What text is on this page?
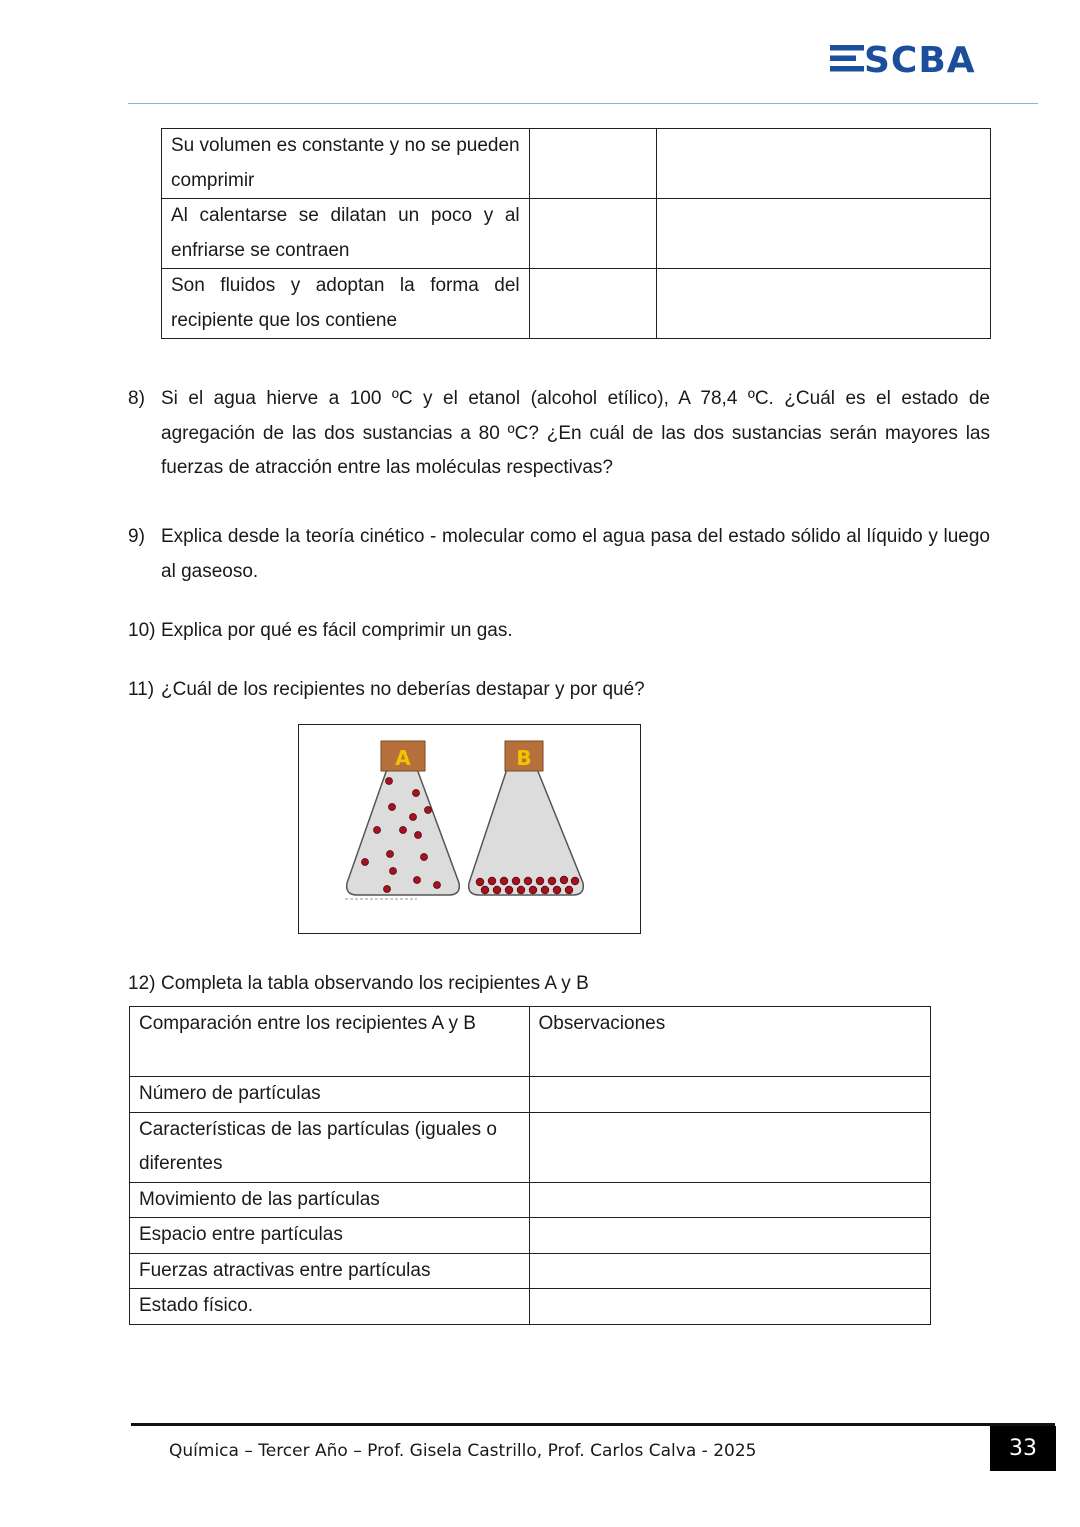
SCBA
Su volumen es constante y no se pueden comprimir		
Al calentarse se dilatan un poco y al enfriarse se contraen		
Son fluidos y adoptan la forma del recipiente que los contiene		
8) Si el agua hierve a 100 ºC y el etanol (alcohol etílico), A 78,4 ºC. ¿Cuál es el estado de agregación de las dos sustancias a 80 ºC? ¿En cuál de las dos sustancias serán mayores las fuerzas de atracción entre las moléculas respectivas?
9) Explica desde la teoría cinético - molecular como el agua pasa del estado sólido al líquido y luego al gaseoso.
10) Explica por qué es fácil comprimir un gas.
11) ¿Cuál de los recipientes no deberías destapar y por qué?
A	B
12) Completa la tabla observando los recipientes A y B
Comparación entre los recipientes A y B	Observaciones
Número de partículas	
Características de las partículas (iguales o diferentes	
Movimiento de las partículas	
Espacio entre partículas	
Fuerzas atractivas entre partículas	
Estado físico.	
Química – Tercer Año – Prof. Gisela Castrillo, Prof. Carlos Calva - 2025	33
